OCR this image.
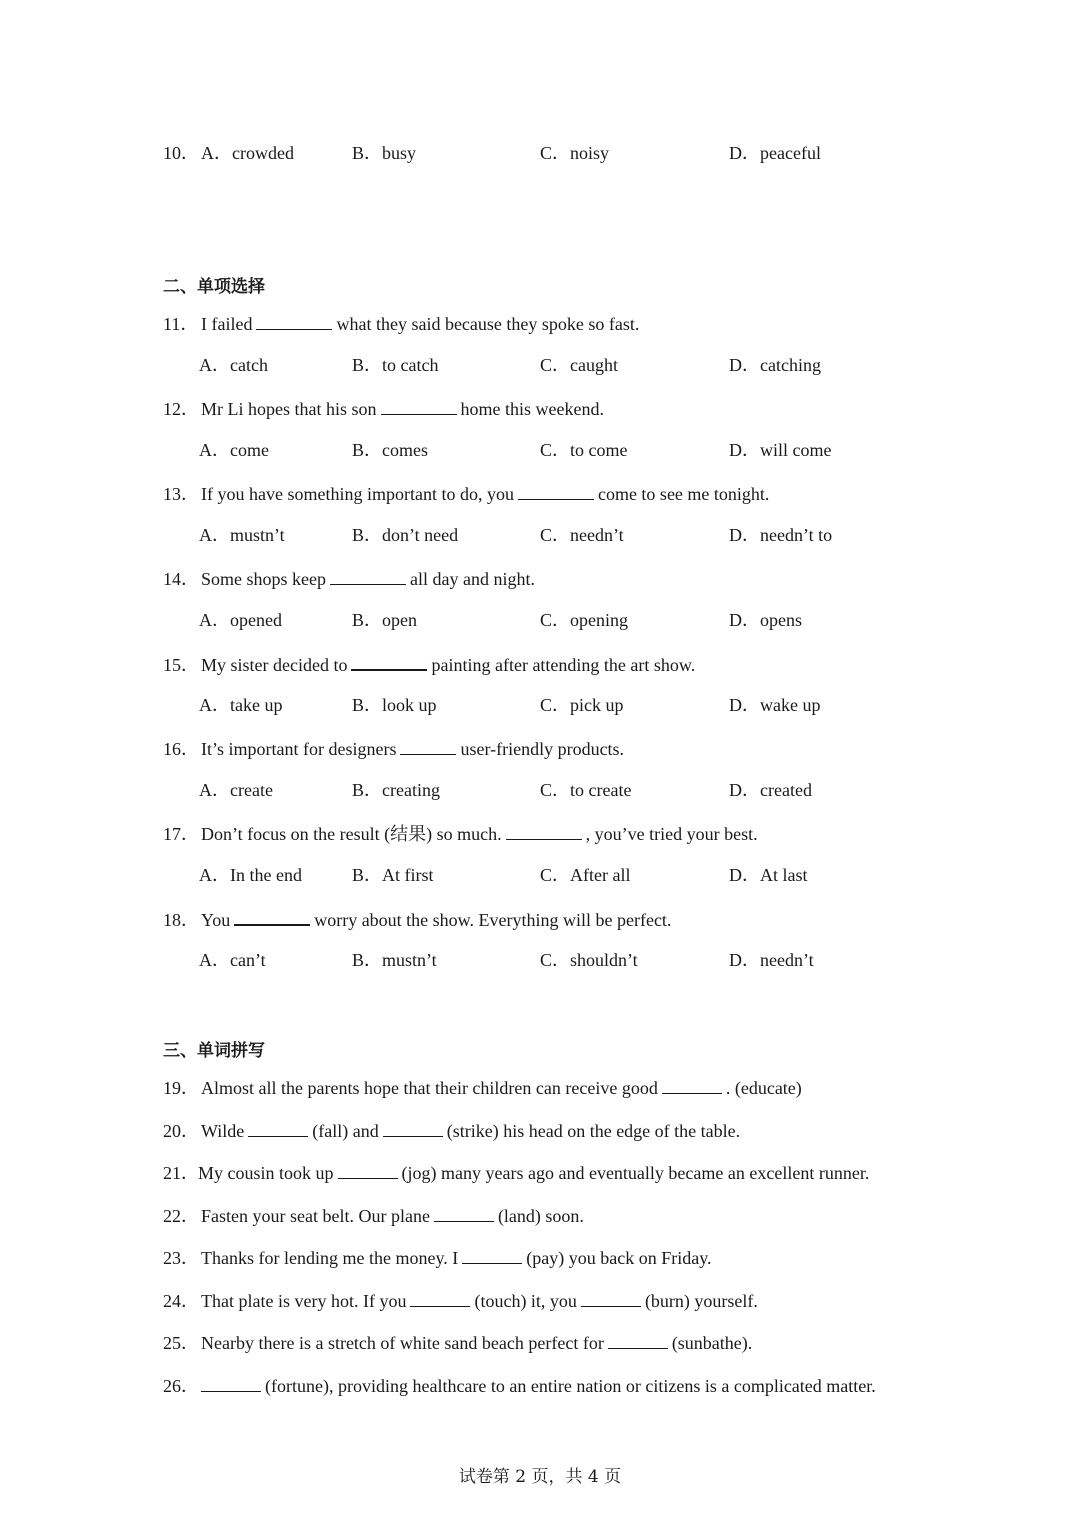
10． A．crowded	B．busy	C．noisy	D．peaceful
二、单项选择
11． I failed	what they said because they spoke so fast.
A．catch	B．to catch	C．caught	D．catching
12． Mr Li hopes that his son	home this weekend.
A．come	B．comes	C．to come	D．will come
13． If you have something important to do, you	come to see me tonight.
A．mustn’t	B．don’t need	C．needn’t	D．needn’t to
14． Some shops keep	all day and night.
A．opened	B．open	C．opening	D．opens
15． My sister decided to	painting after attending the art show.
A．take up	B．look up	C．pick up	D．wake up
16． It’s important for designers	user-friendly products.
A．create	B．creating	C．to create	D．created
17． Don’t focus on the result (结果) so much.	, you’ve tried your best.
A．In the end	B．At first	C．After all	D．At last
18． You	worry about the show. Everything will be perfect.
A．can’t	B．mustn’t	C．shouldn’t	D．needn’t
三、单词拼写
19． Almost all the parents hope that their children can receive good	. (educate)
20． Wilde	(fall) and	(strike) his head on the edge of the table.
21．My cousin took up	(jog) many years ago and eventually became an excellent runner.
22． Fasten your seat belt. Our plane	(land) soon.
23． Thanks for lending me the money. I	(pay) you back on Friday.
24． That plate is very hot. If you	(touch) it, you	(burn) yourself.
25． Nearby there is a stretch of white sand beach perfect for	(sunbathe).
26．	(fortune), providing healthcare to an entire nation or citizens is a complicated matter.
试卷第 2 页，共 4 页
